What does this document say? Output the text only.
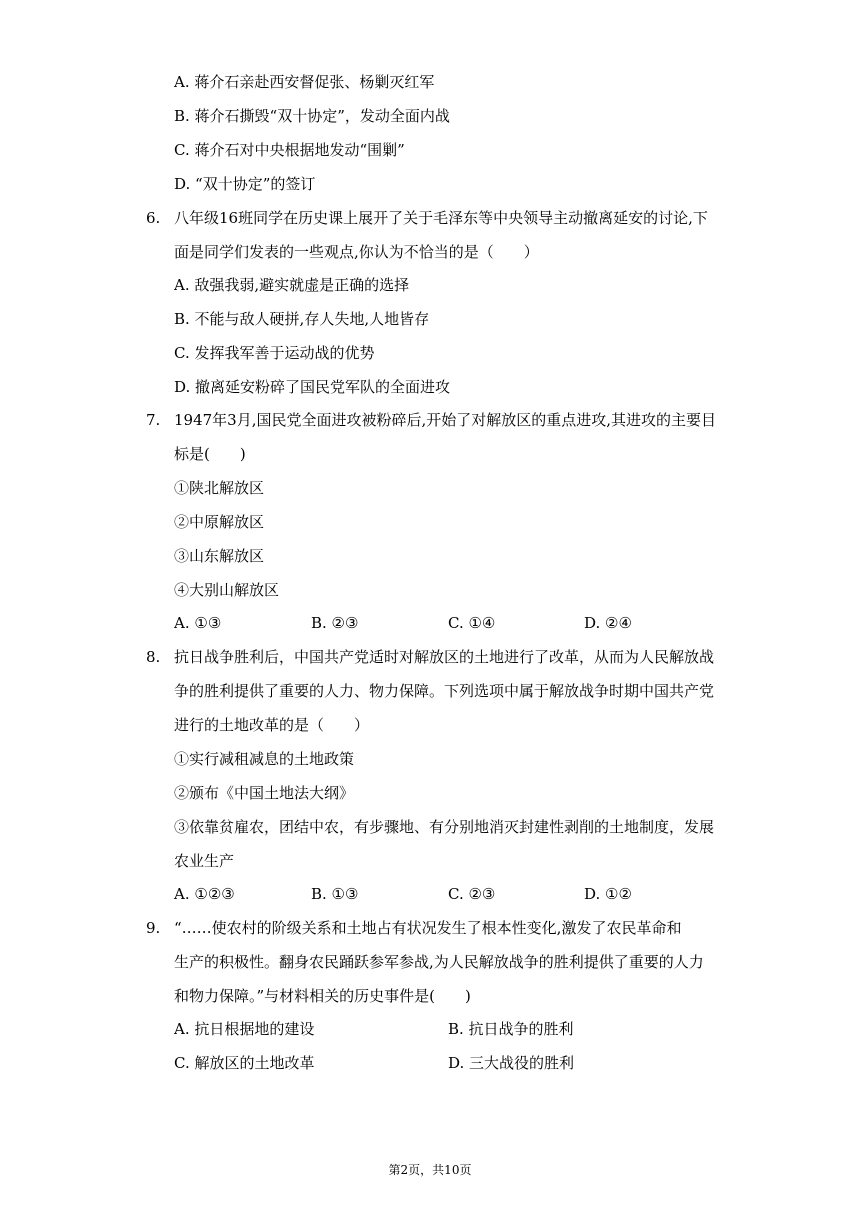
A. 蒋介石亲赴西安督促张、杨剿灭红军
B. 蒋介石撕毁“双十协定”，发动全面内战
C. 蒋介石对中央根据地发动“围剿”
D. “双十协定”的签订
6. 八年级16班同学在历史课上展开了关于毛泽东等中央领导主动撤离延安的讨论,下
面是同学们发表的一些观点,你认为不恰当的是（　　）
A. 敌强我弱,避实就虚是正确的选择
B. 不能与敌人硬拼,存人失地,人地皆存
C. 发挥我军善于运动战的优势
D. 撤离延安粉碎了国民党军队的全面进攻
7. 1947年3月,国民党全面进攻被粉碎后,开始了对解放区的重点进攻,其进攻的主要目
标是(　　)
①陕北解放区
②中原解放区
③山东解放区
④大别山解放区
A. ①③	B. ②③	C. ①④	D. ②④
8. 抗日战争胜利后，中国共产党适时对解放区的土地进行了改革，从而为人民解放战
争的胜利提供了重要的人力、物力保障。下列选项中属于解放战争时期中国共产党
进行的土地改革的是（　　）
①实行减租减息的土地政策
②颁布《中国土地法大纲》
③依靠贫雇农，团结中农，有步骤地、有分别地消灭封建性剥削的土地制度，发展
农业生产
A. ①②③	B. ①③	C. ②③	D. ①②
9. “……使农村的阶级关系和土地占有状况发生了根本性变化,激发了农民革命和
生产的积极性。翻身农民踊跃参军参战,为人民解放战争的胜利提供了重要的人力
和物力保障。”与材料相关的历史事件是(　　)
A. 抗日根据地的建设	B. 抗日战争的胜利
C. 解放区的土地改革	D. 三大战役的胜利
第2页，共10页
